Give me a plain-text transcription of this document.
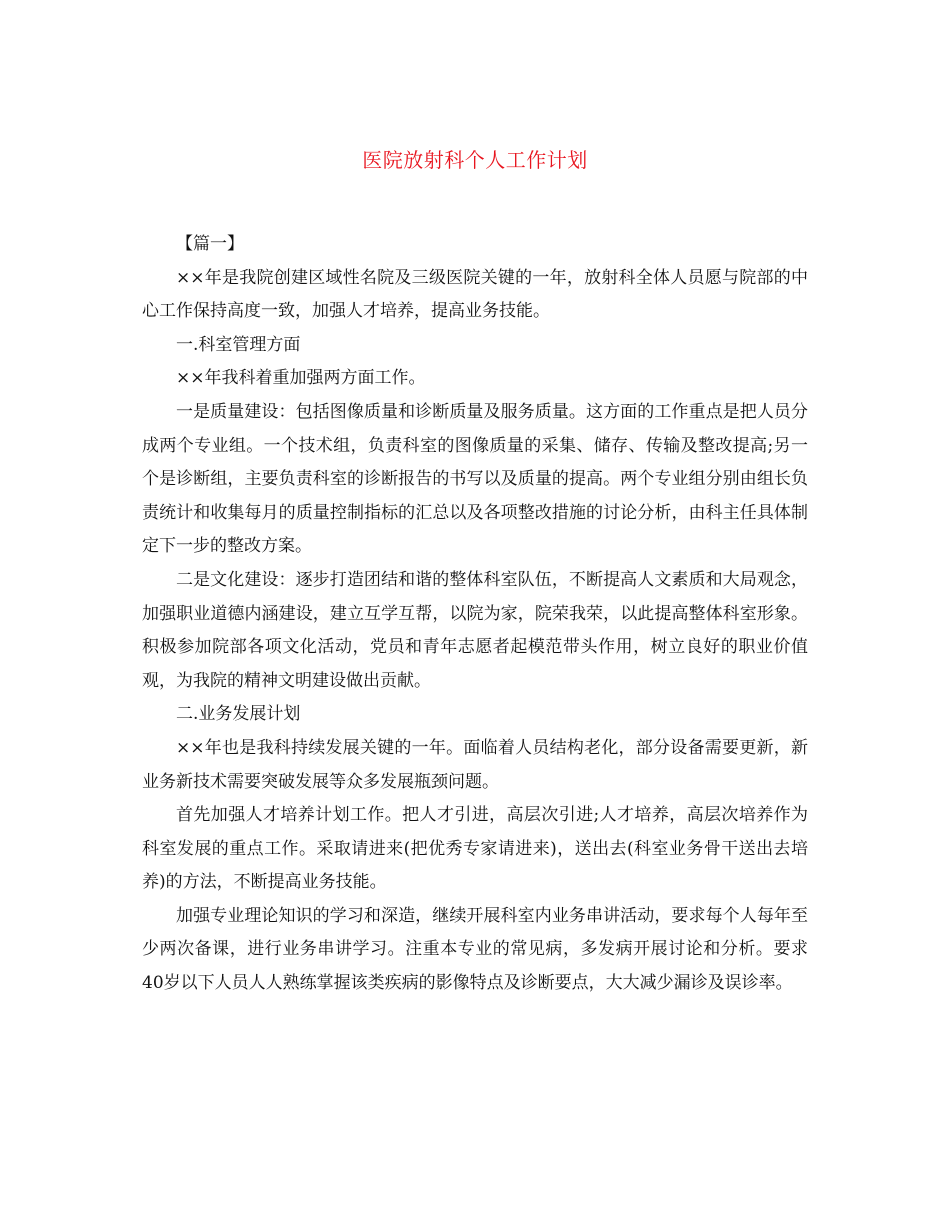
医院放射科个人工作计划

【篇一】

××年是我院创建区域性名院及三级医院关键的一年，放射科全体人员愿与院部的中心工作保持高度一致，加强人才培养，提高业务技能。

一.科室管理方面

××年我科着重加强两方面工作。

一是质量建设：包括图像质量和诊断质量及服务质量。这方面的工作重点是把人员分成两个专业组。一个技术组，负责科室的图像质量的采集、储存、传输及整改提高;另一个是诊断组，主要负责科室的诊断报告的书写以及质量的提高。两个专业组分别由组长负责统计和收集每月的质量控制指标的汇总以及各项整改措施的讨论分析，由科主任具体制定下一步的整改方案。

二是文化建设：逐步打造团结和谐的整体科室队伍，不断提高人文素质和大局观念，加强职业道德内涵建设，建立互学互帮，以院为家，院荣我荣，以此提高整体科室形象。积极参加院部各项文化活动，党员和青年志愿者起模范带头作用，树立良好的职业价值观，为我院的精神文明建设做出贡献。

二.业务发展计划

××年也是我科持续发展关键的一年。面临着人员结构老化，部分设备需要更新，新业务新技术需要突破发展等众多发展瓶颈问题。

首先加强人才培养计划工作。把人才引进，高层次引进;人才培养，高层次培养作为科室发展的重点工作。采取请进来(把优秀专家请进来)，送出去(科室业务骨干送出去培养)的方法，不断提高业务技能。

加强专业理论知识的学习和深造，继续开展科室内业务串讲活动，要求每个人每年至少两次备课，进行业务串讲学习。注重本专业的常见病，多发病开展讨论和分析。要求40岁以下人员人人熟练掌握该类疾病的影像特点及诊断要点，大大减少漏诊及误诊率。
